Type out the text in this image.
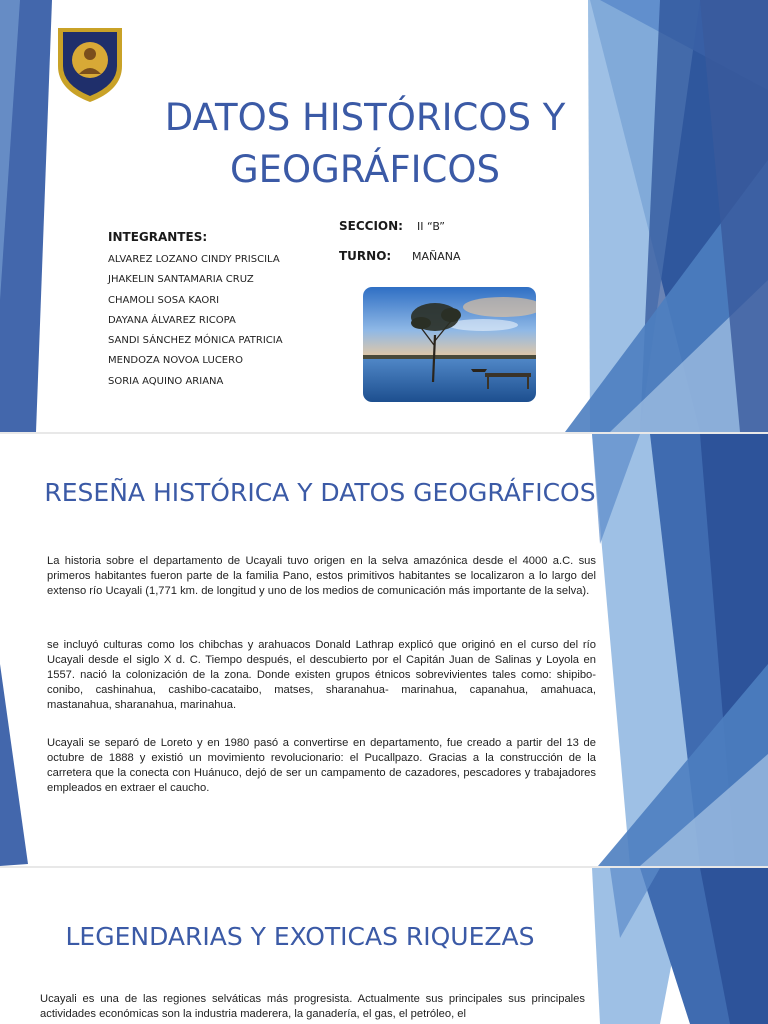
DATOS HISTÓRICOS Y GEOGRÁFICOS
INTEGRANTES:
ALVAREZ LOZANO CINDY PRISCILA
JHAKELIN SANTAMARIA CRUZ
CHAMOLI SOSA KAORI
DAYANA ÁLVAREZ RICOPA
SANDI SÁNCHEZ MÓNICA PATRICIA
MENDOZA NOVOA LUCERO
SORIA AQUINO ARIANA
SECCION: II “B”
TURNO: MAÑANA
RESEÑA HISTÓRICA Y DATOS GEOGRÁFICOS

La historia sobre el departamento de Ucayali tuvo origen en la selva amazónica desde el 4000 a.C. sus primeros habitantes fueron parte de la familia Pano, estos primitivos habitantes se localizaron a lo largo del extenso río Ucayali (1,771 km. de longitud y uno de los medios de comunicación más importante de la selva).

se incluyó culturas como los chibchas y arahuacos Donald Lathrap explicó que originó en el curso del río Ucayali desde el siglo X d. C. Tiempo después, el descubierto por el Capitán Juan de Salinas y Loyola en 1557. nació la colonización de la zona. Donde existen grupos étnicos sobrevivientes tales como: shipibo-conibo, cashinahua, cashibo-cacataibo, matses, sharanahua- marinahua, capanahua, amahuaca, mastanahua, sharanahua, marinahua.

Ucayali se separó de Loreto y en 1980 pasó a convertirse en departamento, fue creado a partir del 13 de octubre de 1888 y existió un movimiento revolucionario: el Pucallpazo. Gracias a la construcción de la carretera que la conecta con Huánuco, dejó de ser un campamento de cazadores, pescadores y trabajadores empleados en extraer el caucho.

LEGENDARIAS Y EXOTICAS RIQUEZAS

Ucayali es una de las regiones selváticas más progresista. Actualmente sus principales sus principales actividades económicas son la industria maderera, la ganadería, el gas, el petróleo, el
